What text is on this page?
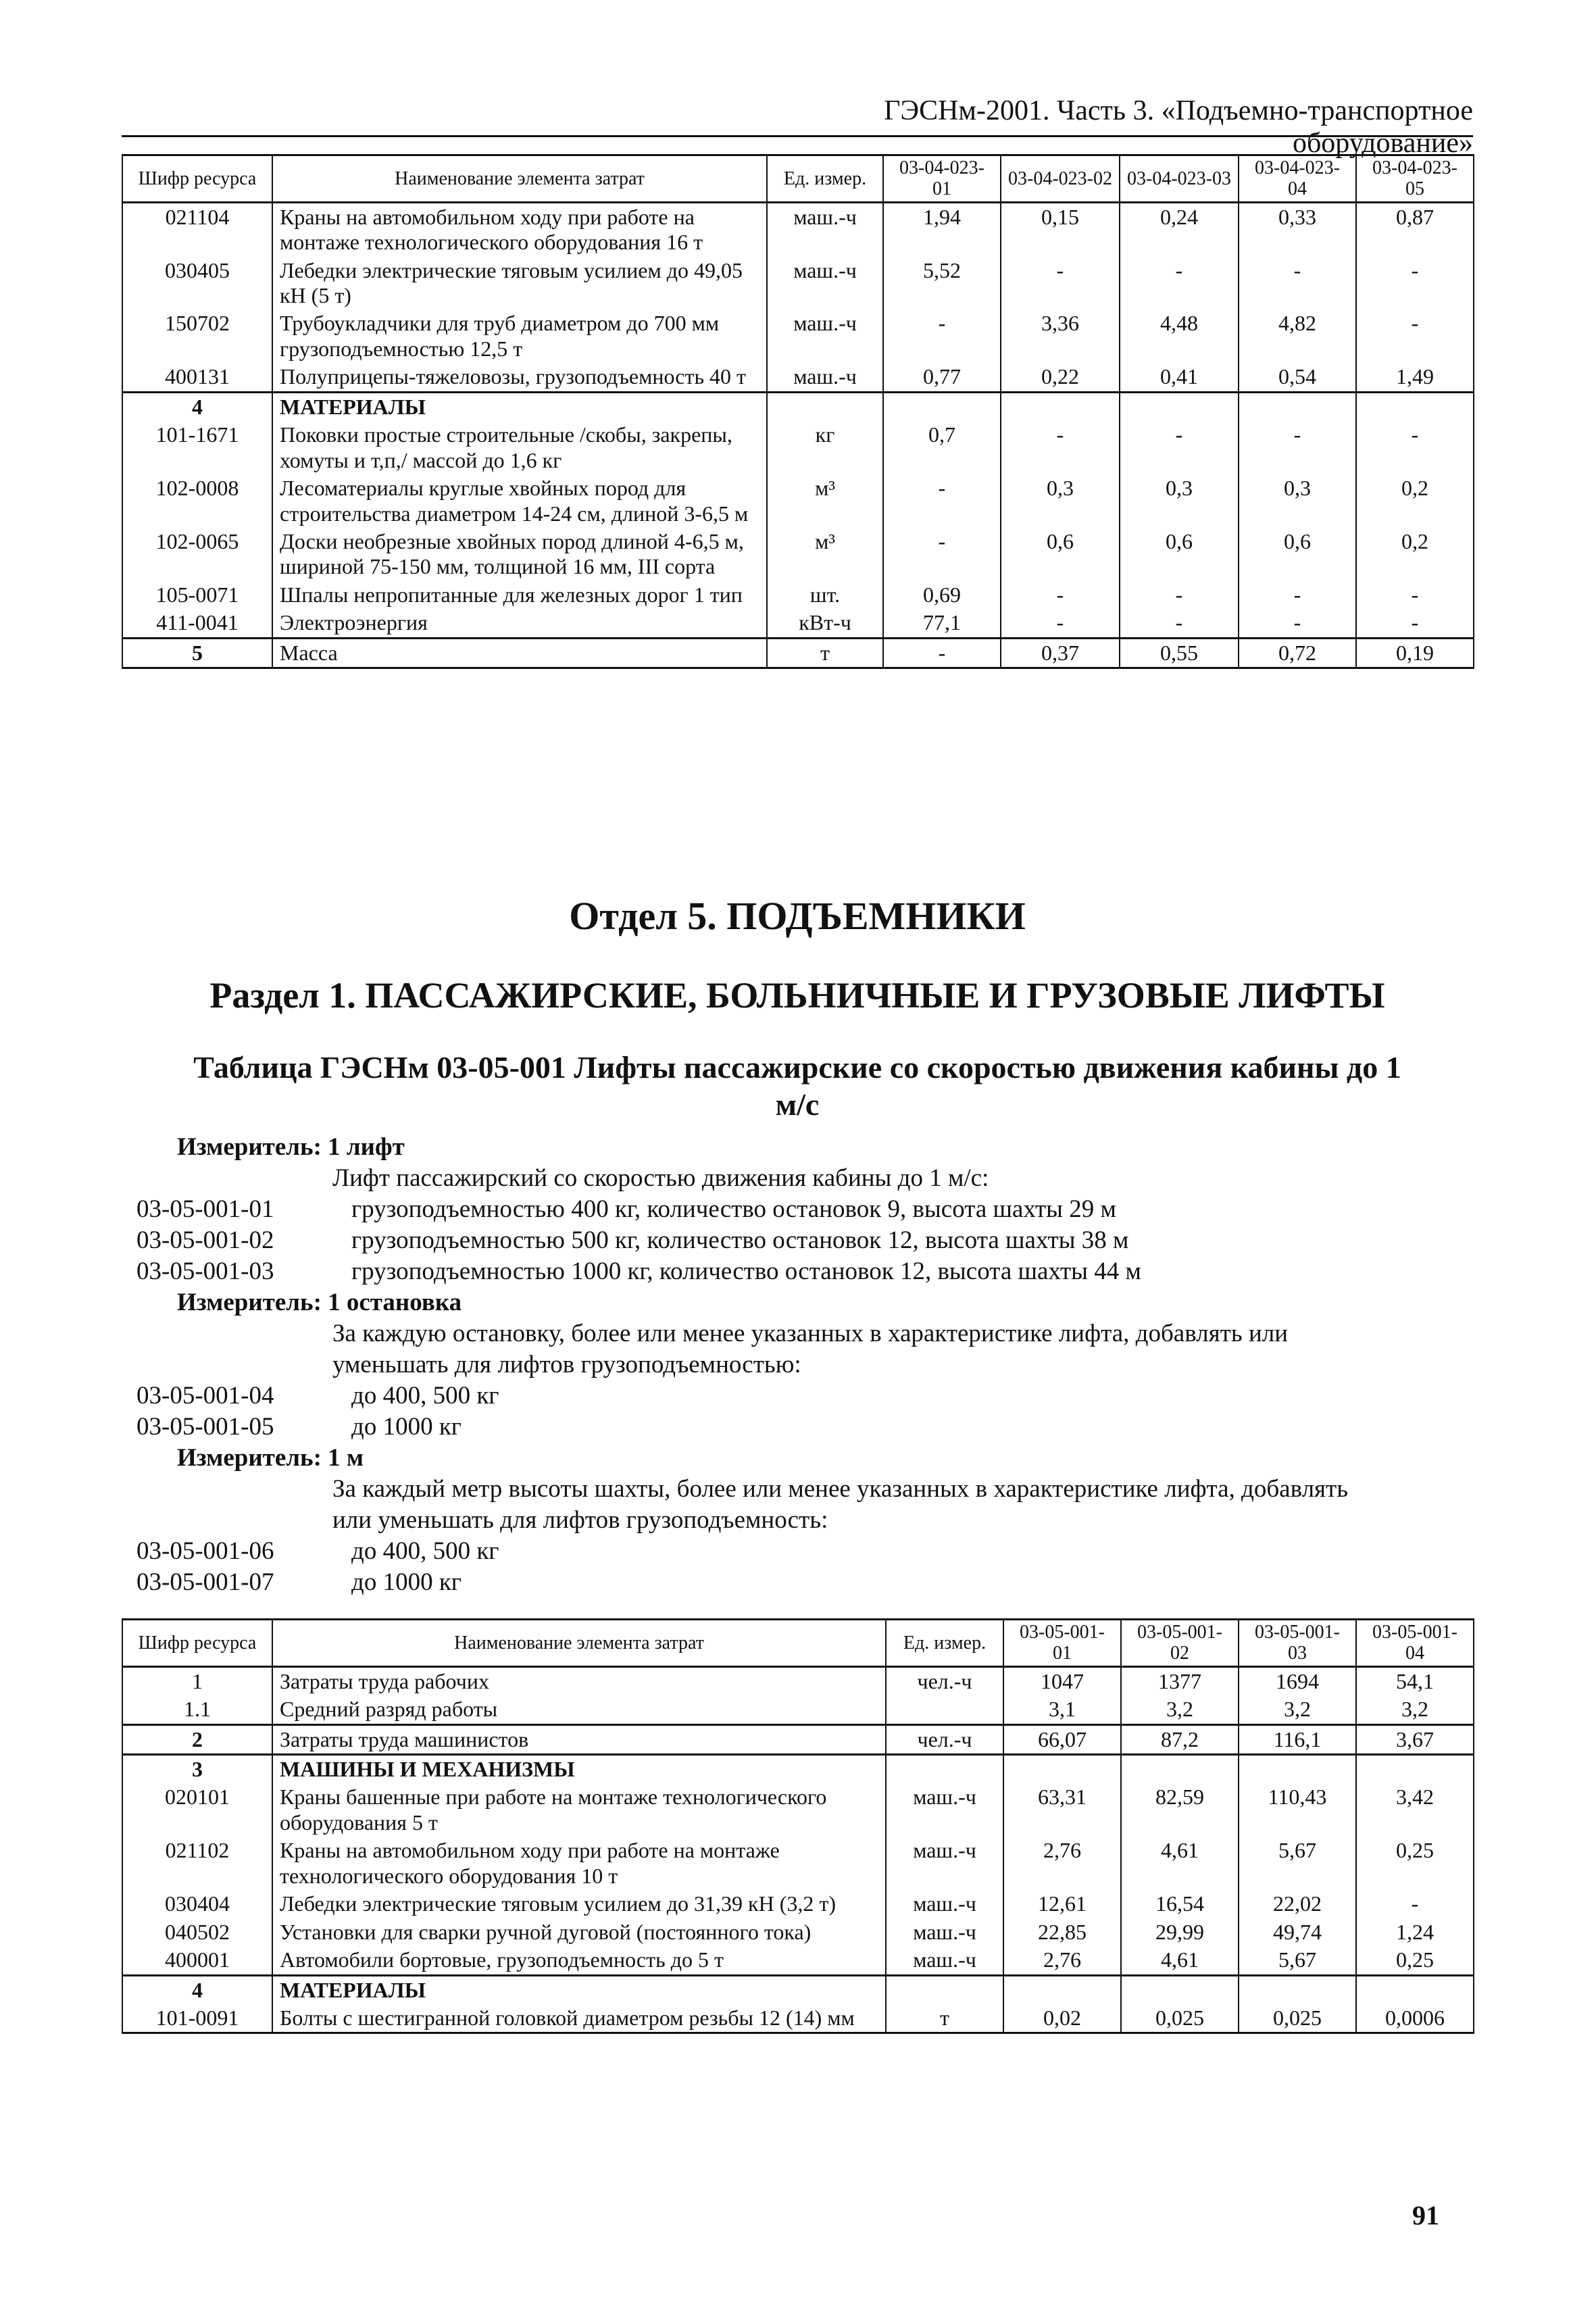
ГЭСНм-2001. Часть 3. «Подъемно-транспортное оборудование»
Шифр ресурса	Наименование элемента затрат	Ед. измер.	03-04-023-01	03-04-023-02	03-04-023-03	03-04-023-04	03-04-023-05
021104	Краны на автомобильном ходу при работе на монтаже технологического оборудования 16 т	маш.-ч	1,94	0,15	0,24	0,33	0,87
030405	Лебедки электрические тяговым усилием до 49,05 кН (5 т)	маш.-ч	5,52	-	-	-	-
150702	Трубоукладчики для труб диаметром до 700 мм грузоподъемностью 12,5 т	маш.-ч	-	3,36	4,48	4,82	-
400131	Полуприцепы-тяжеловозы, грузоподъемность 40 т	маш.-ч	0,77	0,22	0,41	0,54	1,49
4	МАТЕРИАЛЫ						
101-1671	Поковки простые строительные /скобы, закрепы, хомуты и т,п,/ массой до 1,6 кг	кг	0,7	-	-	-	-
102-0008	Лесоматериалы круглые хвойных пород для строительства диаметром 14-24 см, длиной 3-6,5 м	м³	-	0,3	0,3	0,3	0,2
102-0065	Доски необрезные хвойных пород длиной 4-6,5 м, шириной 75-150 мм, толщиной 16 мм, III сорта	м³	-	0,6	0,6	0,6	0,2
105-0071	Шпалы непропитанные для железных дорог 1 тип	шт.	0,69	-	-	-	-
411-0041	Электроэнергия	кВт-ч	77,1	-	-	-	-
5	Масса	т	-	0,37	0,55	0,72	0,19
Отдел 5. ПОДЪЕМНИКИ
Раздел 1. ПАССАЖИРСКИЕ, БОЛЬНИЧНЫЕ И ГРУЗОВЫЕ ЛИФТЫ
Таблица ГЭСНм 03-05-001 Лифты пассажирские со скоростью движения кабины до 1
м/с
Измеритель: 1 лифт
Лифт пассажирский со скоростью движения кабины до 1 м/с:
03-05-001-01	грузоподъемностью 400 кг, количество остановок 9, высота шахты 29 м
03-05-001-02	грузоподъемностью 500 кг, количество остановок 12, высота шахты 38 м
03-05-001-03	грузоподъемностью 1000 кг, количество остановок 12, высота шахты 44 м
Измеритель: 1 остановка
За каждую остановку, более или менее указанных в характеристике лифта, добавлять или
уменьшать для лифтов грузоподъемностью:
03-05-001-04	до 400, 500 кг
03-05-001-05	до 1000 кг
Измеритель: 1 м
За каждый метр высоты шахты, более или менее указанных в характеристике лифта, добавлять
или уменьшать для лифтов грузоподъемность:
03-05-001-06	до 400, 500 кг
03-05-001-07	до 1000 кг
Шифр ресурса	Наименование элемента затрат	Ед. измер.	03-05-001-01	03-05-001-02	03-05-001-03	03-05-001-04
1	Затраты труда рабочих	чел.-ч	1047	1377	1694	54,1
1.1	Средний разряд работы		3,1	3,2	3,2	3,2
2	Затраты труда машинистов	чел.-ч	66,07	87,2	116,1	3,67
3	МАШИНЫ И МЕХАНИЗМЫ					
020101	Краны башенные при работе на монтаже технологического оборудования 5 т	маш.-ч	63,31	82,59	110,43	3,42
021102	Краны на автомобильном ходу при работе на монтаже технологического оборудования 10 т	маш.-ч	2,76	4,61	5,67	0,25
030404	Лебедки электрические тяговым усилием до 31,39 кН (3,2 т)	маш.-ч	12,61	16,54	22,02	-
040502	Установки для сварки ручной дуговой (постоянного тока)	маш.-ч	22,85	29,99	49,74	1,24
400001	Автомобили бортовые, грузоподъемность до 5 т	маш.-ч	2,76	4,61	5,67	0,25
4	МАТЕРИАЛЫ					
101-0091	Болты с шестигранной головкой диаметром резьбы 12 (14) мм	т	0,02	0,025	0,025	0,0006
91
